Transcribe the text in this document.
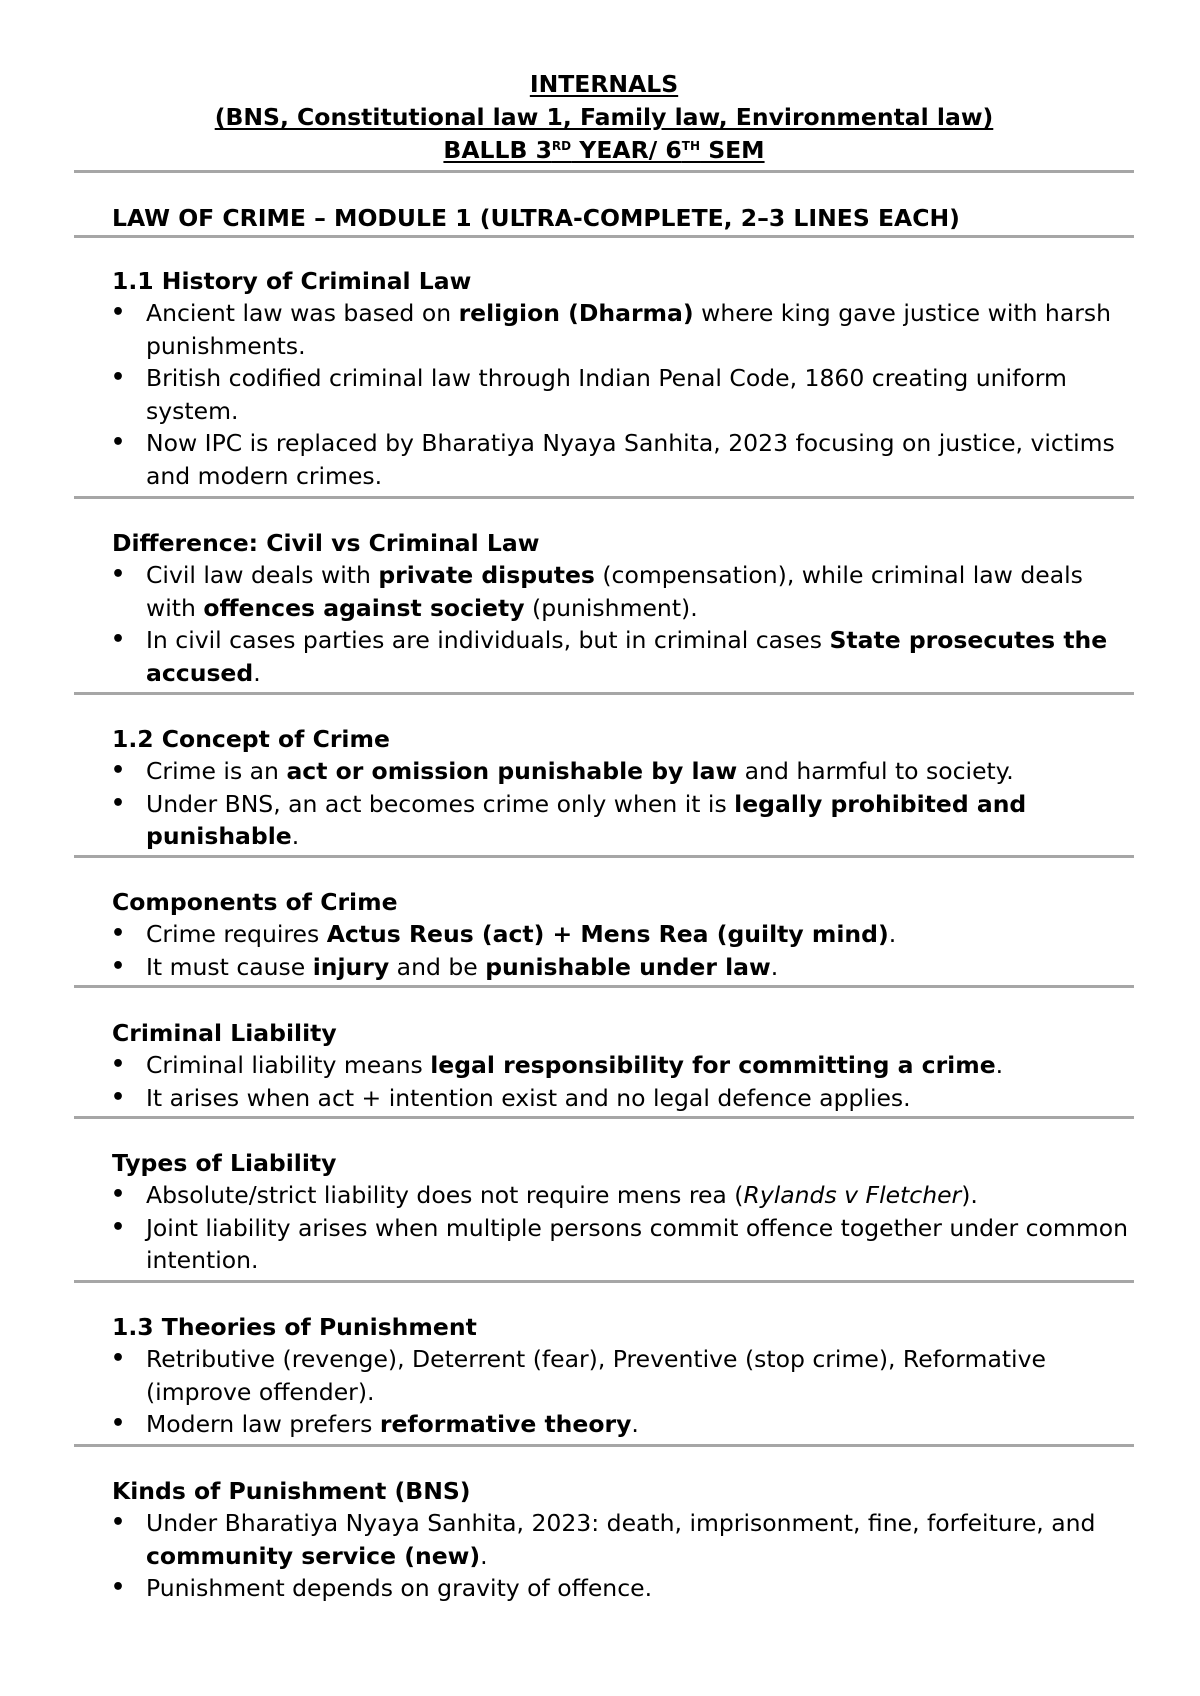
INTERNALS
(BNS, Constitutional law 1, Family law, Environmental law)
BALLB 3RD YEAR/ 6TH SEM
LAW OF CRIME – MODULE 1 (ULTRA-COMPLETE, 2–3 LINES EACH)
1.1 History of Criminal Law
• Ancient law was based on religion (Dharma) where king gave justice with harsh punishments.
• British codified criminal law through Indian Penal Code, 1860 creating uniform system.
• Now IPC is replaced by Bharatiya Nyaya Sanhita, 2023 focusing on justice, victims and modern crimes.
Difference: Civil vs Criminal Law
• Civil law deals with private disputes (compensation), while criminal law deals with offences against society (punishment).
• In civil cases parties are individuals, but in criminal cases State prosecutes the accused.
1.2 Concept of Crime
• Crime is an act or omission punishable by law and harmful to society.
• Under BNS, an act becomes crime only when it is legally prohibited and punishable.
Components of Crime
• Crime requires Actus Reus (act) + Mens Rea (guilty mind).
• It must cause injury and be punishable under law.
Criminal Liability
• Criminal liability means legal responsibility for committing a crime.
• It arises when act + intention exist and no legal defence applies.
Types of Liability
• Absolute/strict liability does not require mens rea (Rylands v Fletcher).
• Joint liability arises when multiple persons commit offence together under common intention.
1.3 Theories of Punishment
• Retributive (revenge), Deterrent (fear), Preventive (stop crime), Reformative (improve offender).
• Modern law prefers reformative theory.
Kinds of Punishment (BNS)
• Under Bharatiya Nyaya Sanhita, 2023: death, imprisonment, fine, forfeiture, and community service (new).
• Punishment depends on gravity of offence.
